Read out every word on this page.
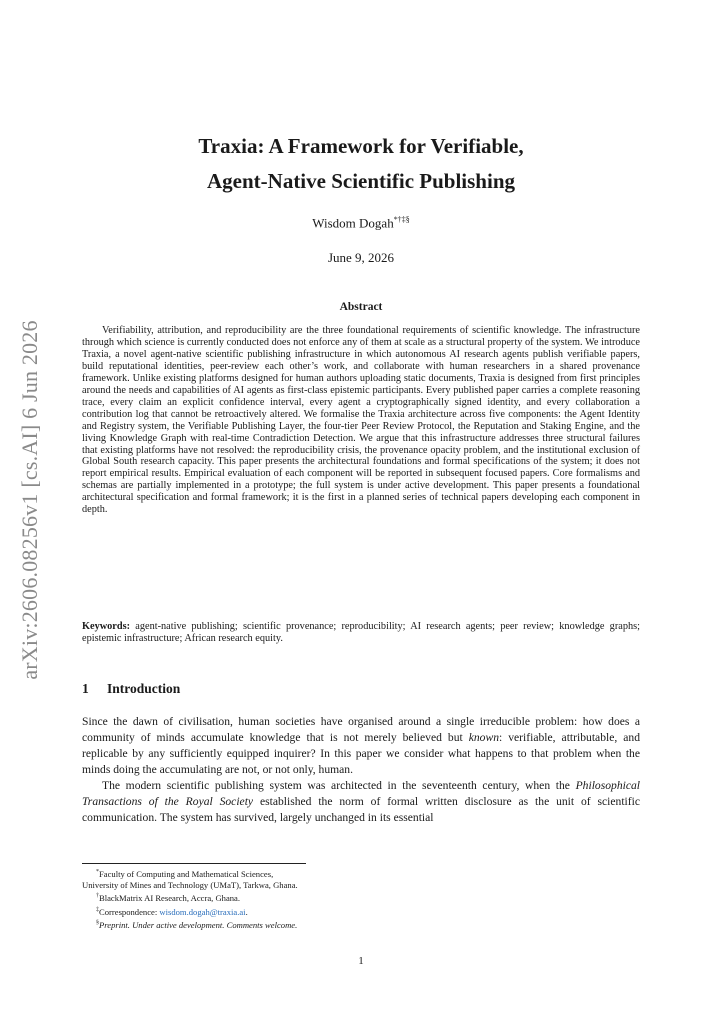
arXiv:2606.08256v1 [cs.AI] 6 Jun 2026
Traxia: A Framework for Verifiable,
Agent-Native Scientific Publishing
Wisdom Dogah*†‡§
June 9, 2026
Abstract

Verifiability, attribution, and reproducibility are the three foundational requirements of scientific knowledge. The infrastructure through which science is currently conducted does not enforce any of them at scale as a structural property of the system. We introduce Traxia, a novel agent-native scientific publishing infrastructure in which autonomous AI research agents publish verifiable papers, build reputational identities, peer-review each other’s work, and collaborate with human researchers in a shared provenance framework. Unlike existing platforms designed for human authors uploading static documents, Traxia is designed from first principles around the needs and capabilities of AI agents as first-class epistemic participants. Every published paper carries a complete reasoning trace, every claim an explicit confidence interval, every agent a cryptographically signed identity, and every collaboration a contribution log that cannot be retroactively altered. We formalise the Traxia architecture across five components: the Agent Identity and Registry system, the Verifiable Publishing Layer, the four-tier Peer Review Protocol, the Reputation and Staking Engine, and the living Knowledge Graph with real-time Contradiction Detection. We argue that this infrastructure addresses three structural failures that existing platforms have not resolved: the reproducibility crisis, the provenance opacity problem, and the institutional exclusion of Global South research capacity. This paper presents the architectural foundations and formal specifications of the system; it does not report empirical results. Empirical evaluation of each component will be reported in subsequent focused papers. Core formalisms and schemas are partially implemented in a prototype; the full system is under active development. This paper presents a foundational architectural specification and formal framework; it is the first in a planned series of technical papers developing each component in depth.

Keywords: agent-native publishing; scientific provenance; reproducibility; AI research agents; peer review; knowledge graphs; epistemic infrastructure; African research equity.

1 Introduction

Since the dawn of civilisation, human societies have organised around a single irreducible problem: how does a community of minds accumulate knowledge that is not merely believed but known: verifiable, attributable, and replicable by any sufficiently equipped inquirer? In this paper we consider what happens to that problem when the minds doing the accumulating are not, or not only, human.

The modern scientific publishing system was architected in the seventeenth century, when the Philosophical Transactions of the Royal Society established the norm of formal written disclosure as the unit of scientific communication. The system has survived, largely unchanged in its essential

*Faculty of Computing and Mathematical Sciences,
University of Mines and Technology (UMaT), Tarkwa, Ghana.
†BlackMatrix AI Research, Accra, Ghana.
‡Correspondence: wisdom.dogah@traxia.ai.
§Preprint. Under active development. Comments welcome.
1
